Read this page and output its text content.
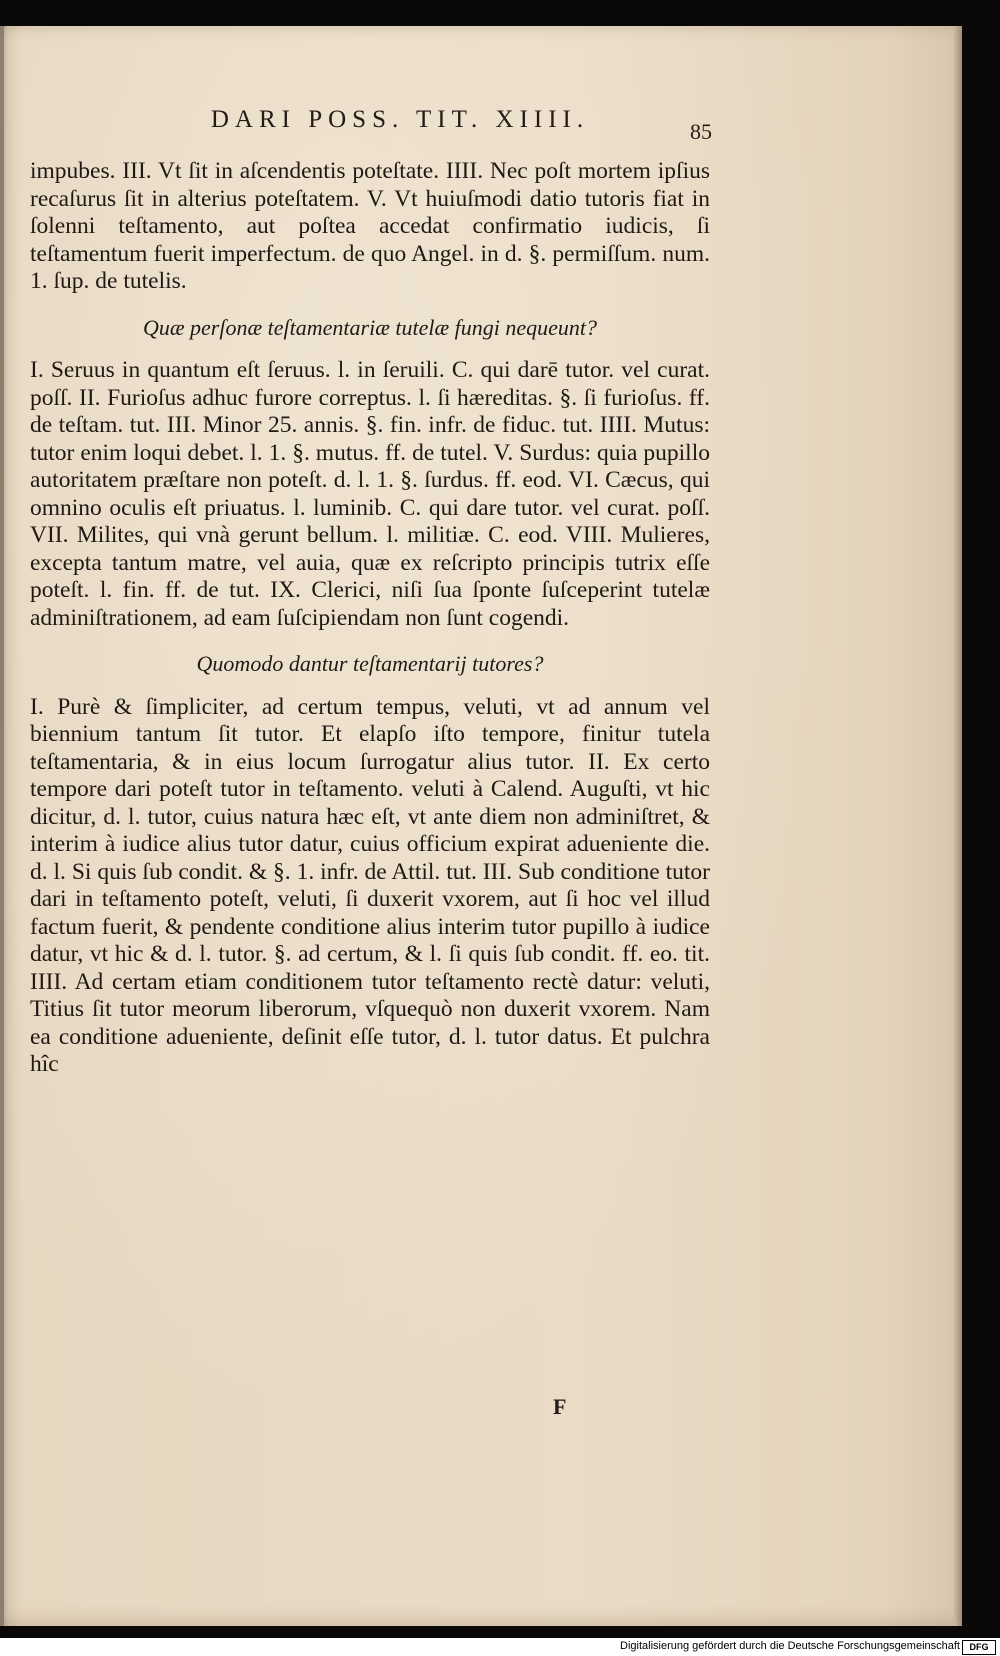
DARI POSS. TIT. XIIII.	85

impubes. III. Vt ſit in aſcendentis poteſtate. IIII. Nec poſt mortem ipſius recaſurus ſit in alterius poteſtatem. V. Vt huiuſmodi datio tutoris fiat in ſolenni teſtamento, aut poſtea accedat confirmatio iudicis, ſi teſtamentum fuerit imperfectum. de quo Angel. in d. §. permiſſum. num. 1. ſup. de tutelis.

Quæ perſonæ teſtamentariæ tutelæ fungi nequeunt?

I. Seruus in quantum eſt ſeruus. l. in ſeruili. C. qui darē tutor. vel curat. poſſ. II. Furioſus adhuc furore correptus. l. ſi hæreditas. §. ſi furioſus. ff. de teſtam. tut. III. Minor 25. annis. §. fin. infr. de fiduc. tut. IIII. Mutus: tutor enim loqui debet. l. 1. §. mutus. ff. de tutel. V. Surdus: quia pupillo autoritatem præſtare non poteſt. d. l. 1. §. ſurdus. ff. eod. VI. Cæcus, qui omnino oculis eſt priuatus. l. luminib. C. qui dare tutor. vel curat. poſſ. VII. Milites, qui vnà gerunt bellum. l. militiæ. C. eod. VIII. Mulieres, excepta tantum matre, vel auia, quæ ex reſcripto principis tutrix eſſe poteſt. l. fin. ff. de tut. IX. Clerici, niſi ſua ſponte ſuſceperint tutelæ adminiſtrationem, ad eam ſuſcipiendam non ſunt cogendi.

Quomodo dantur teſtamentarij tutores?

I. Purè & ſimpliciter, ad certum tempus, veluti, vt ad annum vel biennium tantum ſit tutor. Et elapſo iſto tempore, finitur tutela teſtamentaria, & in eius locum ſurrogatur alius tutor. II. Ex certo tempore dari poteſt tutor in teſtamento. veluti à Calend. Auguſti, vt hic dicitur, d. l. tutor, cuius natura hæc eſt, vt ante diem non adminiſtret, & interim à iudice alius tutor datur, cuius officium expirat adueniente die. d. l. Si quis ſub condit. & §. 1. infr. de Attil. tut. III. Sub conditione tutor dari in teſtamento poteſt, veluti, ſi duxerit vxorem, aut ſi hoc vel illud factum fuerit, & pendente conditione alius interim tutor pupillo à iudice datur, vt hic & d. l. tutor. §. ad certum, & l. ſi quis ſub condit. ff. eo. tit. IIII. Ad certam etiam conditionem tutor teſtamento rectè datur: veluti, Titius ſit tutor meorum liberorum, vſquequò non duxerit vxorem. Nam ea conditione adueniente, deſinit eſſe tutor, d. l. tutor datus. Et pulchra hîc

F
Digitalisierung gefördert durch die Deutsche Forschungsgemeinschaft	DFG
